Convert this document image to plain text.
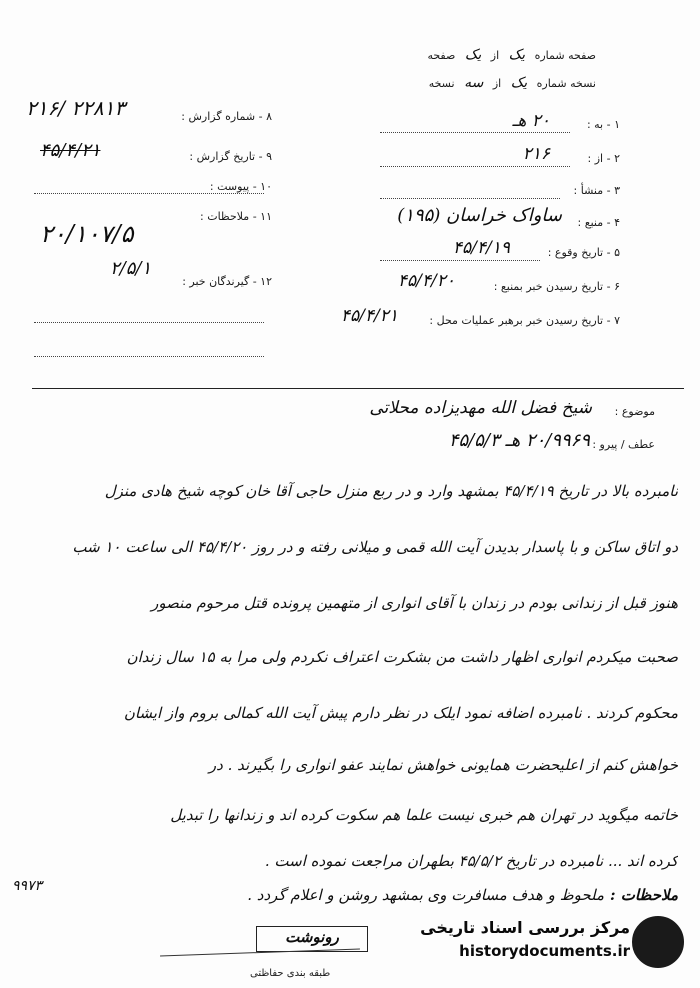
صفحه شماره یک از یک صفحه
نسخه شماره یک از سه نسخه
۱ - به :
۲۰ هـ
۲ - از :
۲۱۶
۳ - منشأ :
۴ - منبع :
ساواک خراسان (۱۹۵)
۵ - تاریخ وقوع :
۴۵/۴/۱۹
۶ - تاریخ رسیدن خبر بمنبع :
۴۵/۴/۲۰
۷ - تاریخ رسیدن خبر برهبر عملیات محل :
۴۵/۴/۲۱
۸ - شماره گزارش :
۲۲۸۱۳ /۲۱۶
۹ - تاریخ گزارش :
۴۵/۴/۲۱
۱۰ - پیوست :
۱۱ - ملاحظات :
۲۰/۱۰۷/۵
۱۲ - گیرندگان خبر :
۲/۵/۱
موضوع :
شیخ فضل الله مهدیزاده محلاتی
عطف / پیرو :
۲۰/۹۹۶۹ هـ ۴۵/۵/۳
نامبرده بالا در تاریخ ۴۵/۴/۱۹ بمشهد وارد و در ربع منزل حاجی آقا خان کوچه شیخ هادی منزل
دو اتاق ساکن و با پاسدار بدیدن آیت الله قمی و میلانی رفته و در روز ۴۵/۴/۲۰ الی ساعت ۱۰ شب
هنوز قبل از زندانی بودم در زندان با آقای انواری از متهمین پرونده قتل مرحوم منصور
صحبت میکردم انواری اظهار داشت من بشکرت اعتراف نکردم ولی مرا به ۱۵ سال زندان
محکوم کردند . نامبرده اضافه نمود ایلک در نظر دارم پیش آیت الله کمالی بروم واز ایشان
خواهش کنم از اعلیحضرت همایونی خواهش نمایند عفو انواری را بگیرند . در
خاتمه میگوید در تهران هم خبری نیست علما هم سکوت کرده اند و زندانها را تبدیل
کرده اند ... نامبرده در تاریخ ۴۵/۵/۲ بطهران مراجعت نموده است .
ملاحظات :
ملحوظ و هدف مسافرت وی بمشهد روشن و اعلام گردد .
۹۹۷۳
رونوشت
طبقه بندی حفاظتی
مرکز بررسی اسناد تاریخی
historydocuments.ir
